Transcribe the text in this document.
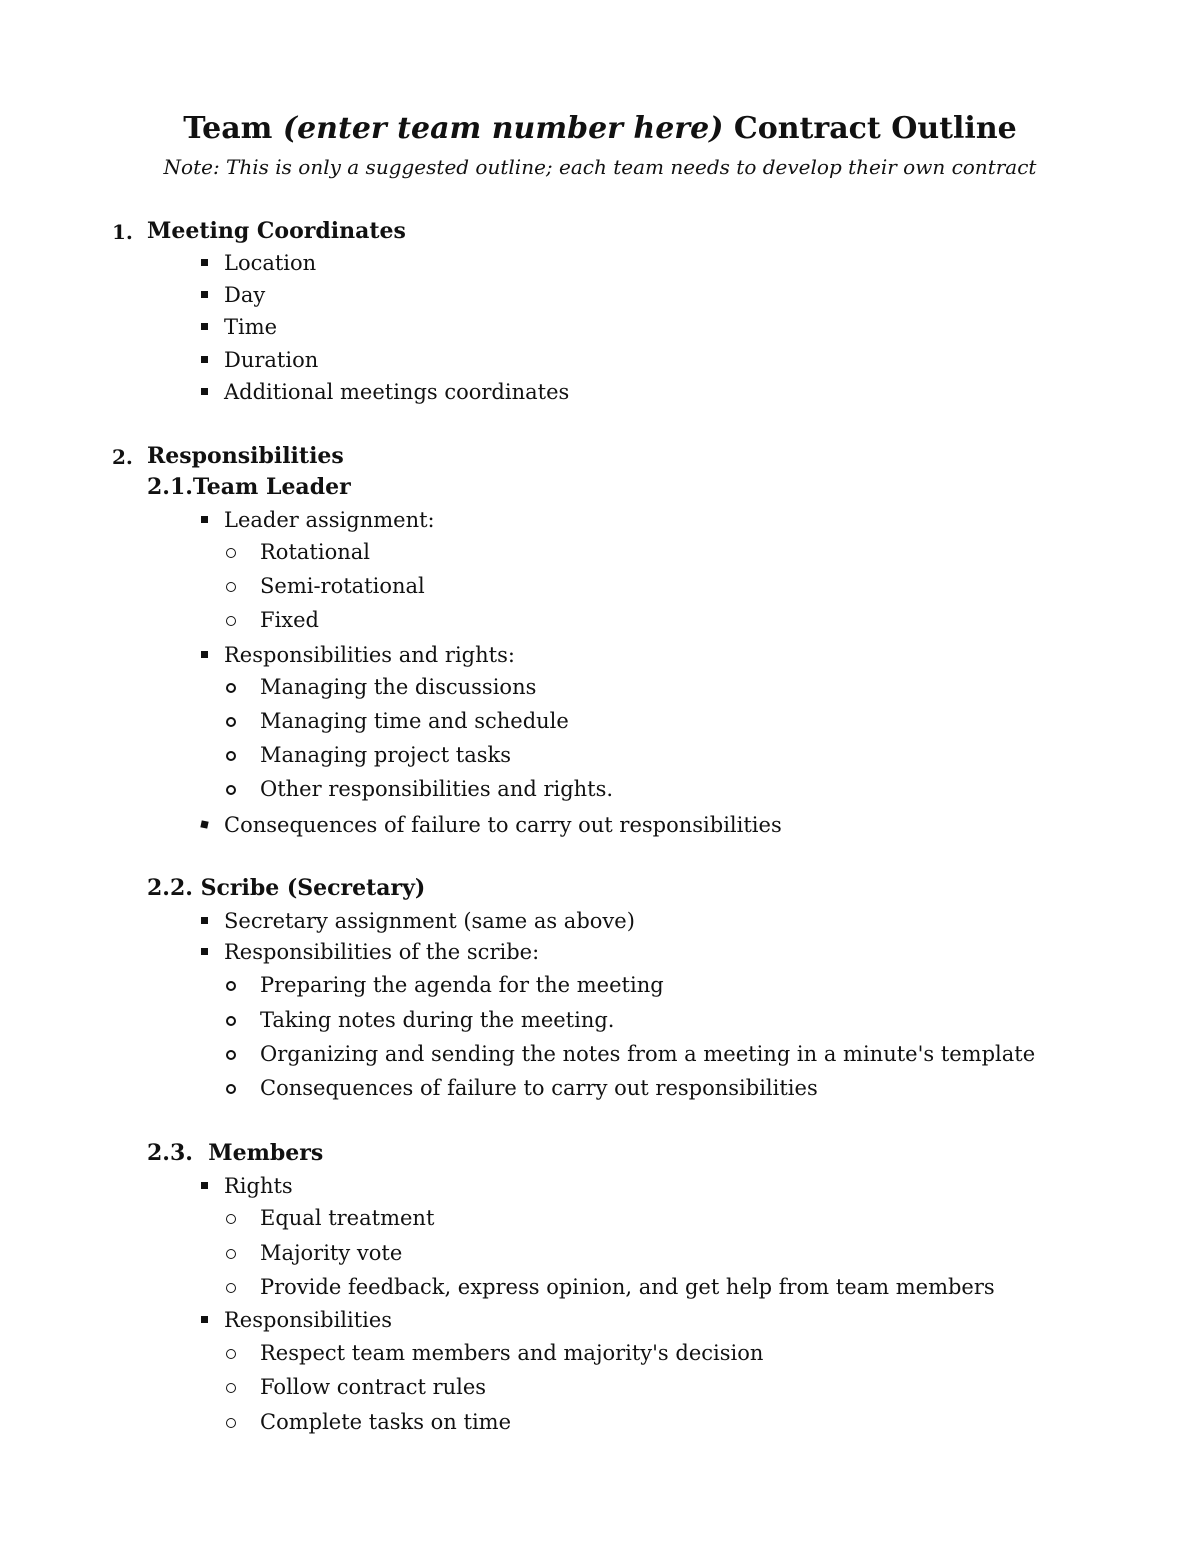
Team (enter team number here) Contract Outline
Note: This is only a suggested outline; each team needs to develop their own contract
1. Meeting Coordinates
Location
Day
Time
Duration
Additional meetings coordinates
2. Responsibilities
2.1.Team Leader
Leader assignment:
Rotational
Semi-rotational
Fixed
Responsibilities and rights:
Managing the discussions
Managing time and schedule
Managing project tasks
Other responsibilities and rights.
Consequences of failure to carry out responsibilities
2.2. Scribe (Secretary)
Secretary assignment (same as above)
Responsibilities of the scribe:
Preparing the agenda for the meeting
Taking notes during the meeting.
Organizing and sending the notes from a meeting in a minute's template
Consequences of failure to carry out responsibilities
2.3.  Members
Rights
Equal treatment
Majority vote
Provide feedback, express opinion, and get help from team members
Responsibilities
Respect team members and majority's decision
Follow contract rules
Complete tasks on time
